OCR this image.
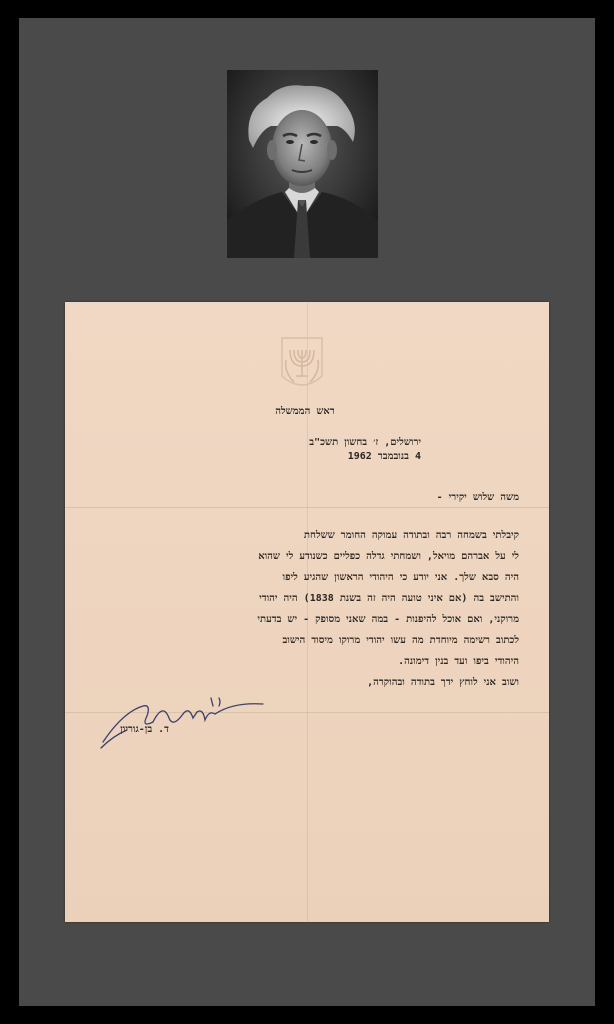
ראש הממשלה
ירושלים, ז׳ בחשון תשכ"ב
4 בנובמבר 1962
משה שלוש יקירי -
קיבלתי בשמחה רבה ובתודה עמוקה החומר ששלחת
לי על אברהם מויאל, ושמחתי גדלה כפליים כשנודע לי שהוא
היה סבא שלך. אני יודע כי היהודי הראשון שהגיע ליפו
והתישב בה (אם איני טועה היה זה בשנת 1838) היה יהודי
מרוקני, ואם אוכל להיפנות - במה שאני מסופק - יש בדעתי
לכתוב רשימה מיוחדת מה עשו יהודי מרוקו מיסוד הישוב
היהודי ביפו ועד בנין דימונה.
ושוב אני לוחץ ידך בתודה ובהוקרה,
ד. בן-גוריון
